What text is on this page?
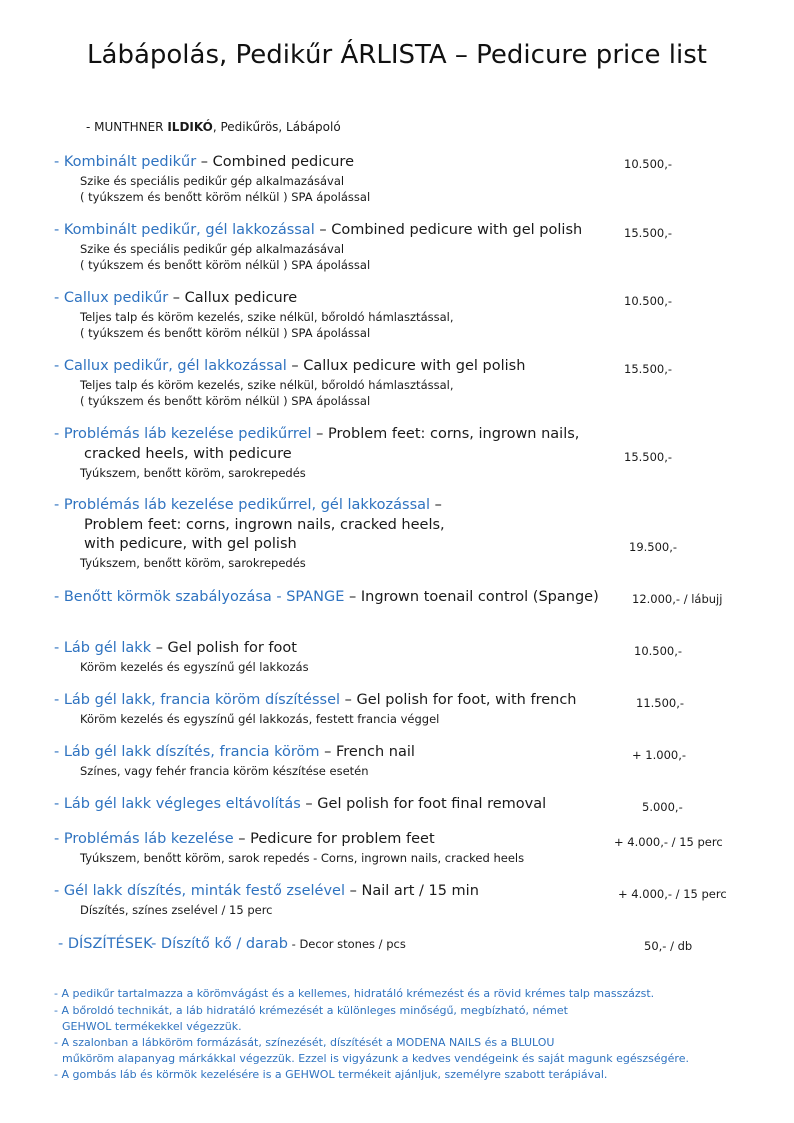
Lábápolás, Pedikűr ÁRLISTA – Pedicure price list
- MUNTHNER ILDIKÓ, Pedikűrös, Lábápoló
- Kombinált pedikűr – Combined pedicure	10.500,-
Szike és speciális pedikűr gép alkalmazásával
( tyúkszem és benőtt köröm nélkül ) SPA ápolással
- Kombinált pedikűr, gél lakkozással – Combined pedicure with gel polish	15.500,-
Szike és speciális pedikűr gép alkalmazásával
( tyúkszem és benőtt köröm nélkül ) SPA ápolással
- Callux pedikűr – Callux pedicure	10.500,-
Teljes talp és köröm kezelés, szike nélkül, bőroldó hámlasztással,
( tyúkszem és benőtt köröm nélkül ) SPA ápolással
- Callux pedikűr, gél lakkozással – Callux pedicure with gel polish	15.500,-
Teljes talp és köröm kezelés, szike nélkül, bőroldó hámlasztással,
( tyúkszem és benőtt köröm nélkül ) SPA ápolással
- Problémás láb kezelése pedikűrrel – Problem feet: corns, ingrown nails,
cracked heels, with pedicure	15.500,-
Tyúkszem, benőtt köröm, sarokrepedés
- Problémás láb kezelése pedikűrrel, gél lakkozással –
Problem feet: corns, ingrown nails, cracked heels,
with pedicure, with gel polish	19.500,-
Tyúkszem, benőtt köröm, sarokrepedés
- Benőtt körmök szabályozása - SPANGE – Ingrown toenail control (Spange)	12.000,- / lábujj
- Láb gél lakk – Gel polish for foot	10.500,-
Köröm kezelés és egyszínű gél lakkozás
- Láb gél lakk, francia köröm díszítéssel – Gel polish for foot, with french	11.500,-
Köröm kezelés és egyszínű gél lakkozás, festett francia véggel
- Láb gél lakk díszítés, francia köröm – French nail	+ 1.000,-
Színes, vagy fehér francia köröm készítése esetén
- Láb gél lakk végleges eltávolítás – Gel polish for foot final removal	5.000,-
- Problémás láb kezelése – Pedicure for problem feet	+ 4.000,- / 15 perc
Tyúkszem, benőtt köröm, sarok repedés - Corns, ingrown nails, cracked heels
- Gél lakk díszítés, minták festő zselével – Nail art / 15 min	+ 4.000,- / 15 perc
Díszítés, színes zselével / 15 perc
- DÍSZÍTÉSEK- Díszítő kő / darab - Decor stones / pcs	50,- / db
- A pedikűr tartalmazza a körömvágást és a kellemes, hidratáló krémezést és a rövid krémes talp masszázst.
- A bőroldó technikát, a láb hidratáló krémezését a különleges minőségű, megbízható, német
GEHWOL termékekkel végezzük.
- A szalonban a lábköröm formázását, színezését, díszítését a MODENA NAILS és a BLULOU
műköröm alapanyag márkákkal végezzük. Ezzel is vigyázunk a kedves vendégeink és saját magunk egészségére.
- A gombás láb és körmök kezelésére is a GEHWOL termékeit ajánljuk, személyre szabott terápiával.
